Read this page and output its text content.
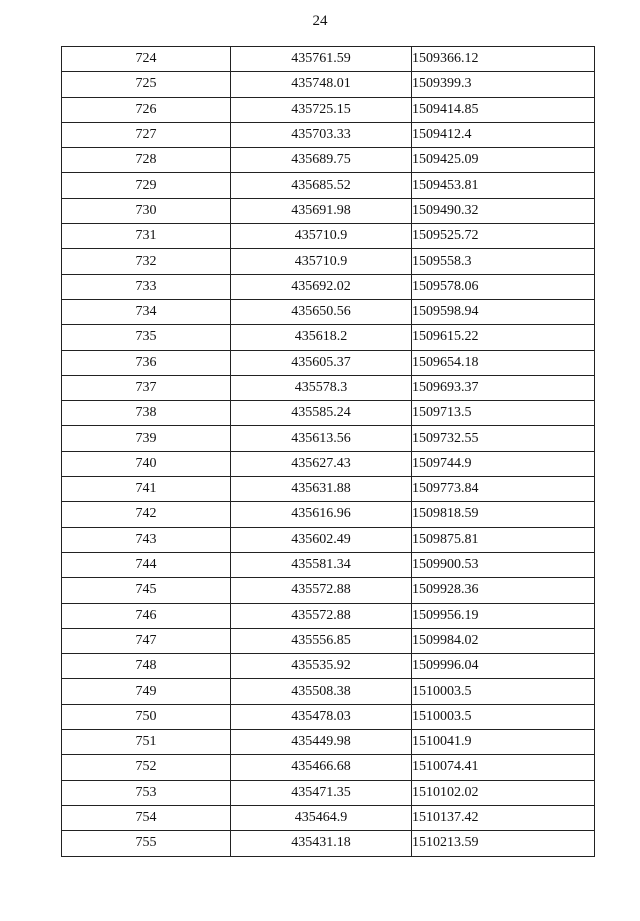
24
724	435761.59	1509366.12
725	435748.01	1509399.3
726	435725.15	1509414.85
727	435703.33	1509412.4
728	435689.75	1509425.09
729	435685.52	1509453.81
730	435691.98	1509490.32
731	435710.9	1509525.72
732	435710.9	1509558.3
733	435692.02	1509578.06
734	435650.56	1509598.94
735	435618.2	1509615.22
736	435605.37	1509654.18
737	435578.3	1509693.37
738	435585.24	1509713.5
739	435613.56	1509732.55
740	435627.43	1509744.9
741	435631.88	1509773.84
742	435616.96	1509818.59
743	435602.49	1509875.81
744	435581.34	1509900.53
745	435572.88	1509928.36
746	435572.88	1509956.19
747	435556.85	1509984.02
748	435535.92	1509996.04
749	435508.38	1510003.5
750	435478.03	1510003.5
751	435449.98	1510041.9
752	435466.68	1510074.41
753	435471.35	1510102.02
754	435464.9	1510137.42
755	435431.18	1510213.59
